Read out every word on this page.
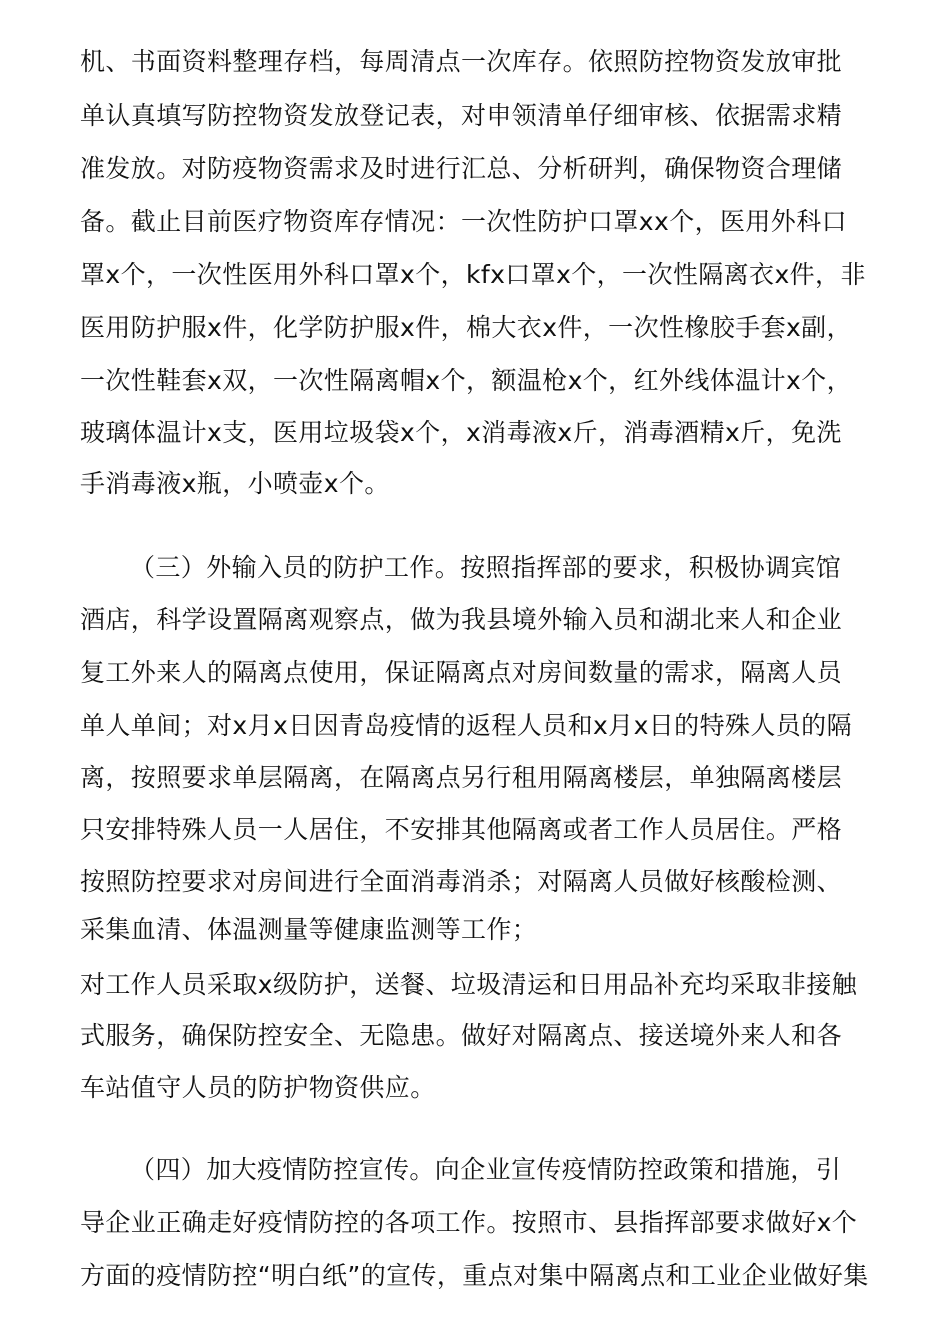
机、书面资料整理存档，每周清点一次库存。依照防控物资发放审批
单认真填写防控物资发放登记表，对申领清单仔细审核、依据需求精
准发放。对防疫物资需求及时进行汇总、分析研判，确保物资合理储
备。截止目前医疗物资库存情况：一次性防护口罩xx个，医用外科口
罩x个，一次性医用外科口罩x个，kfx口罩x个，一次性隔离衣x件，非
医用防护服x件，化学防护服x件，棉大衣x件，一次性橡胶手套x副，
一次性鞋套x双，一次性隔离帽x个，额温枪x个，红外线体温计x个，
玻璃体温计x支，医用垃圾袋x个，x消毒液x斤，消毒酒精x斤，免洗
手消毒液x瓶，小喷壶x个。
（三）外输入员的防护工作。按照指挥部的要求，积极协调宾馆
酒店，科学设置隔离观察点，做为我县境外输入员和湖北来人和企业
复工外来人的隔离点使用，保证隔离点对房间数量的需求，隔离人员
单人单间；对x月x日因青岛疫情的返程人员和x月x日的特殊人员的隔
离，按照要求单层隔离，在隔离点另行租用隔离楼层，单独隔离楼层
只安排特殊人员一人居住，不安排其他隔离或者工作人员居住。严格
按照防控要求对房间进行全面消毒消杀；对隔离人员做好核酸检测、
采集血清、体温测量等健康监测等工作；
对工作人员采取x级防护，送餐、垃圾清运和日用品补充均采取非接触
式服务，确保防控安全、无隐患。做好对隔离点、接送境外来人和各
车站值守人员的防护物资供应。
（四）加大疫情防控宣传。向企业宣传疫情防控政策和措施，引
导企业正确走好疫情防控的各项工作。按照市、县指挥部要求做好x个
方面的疫情防控“明白纸”的宣传，重点对集中隔离点和工业企业做好集
